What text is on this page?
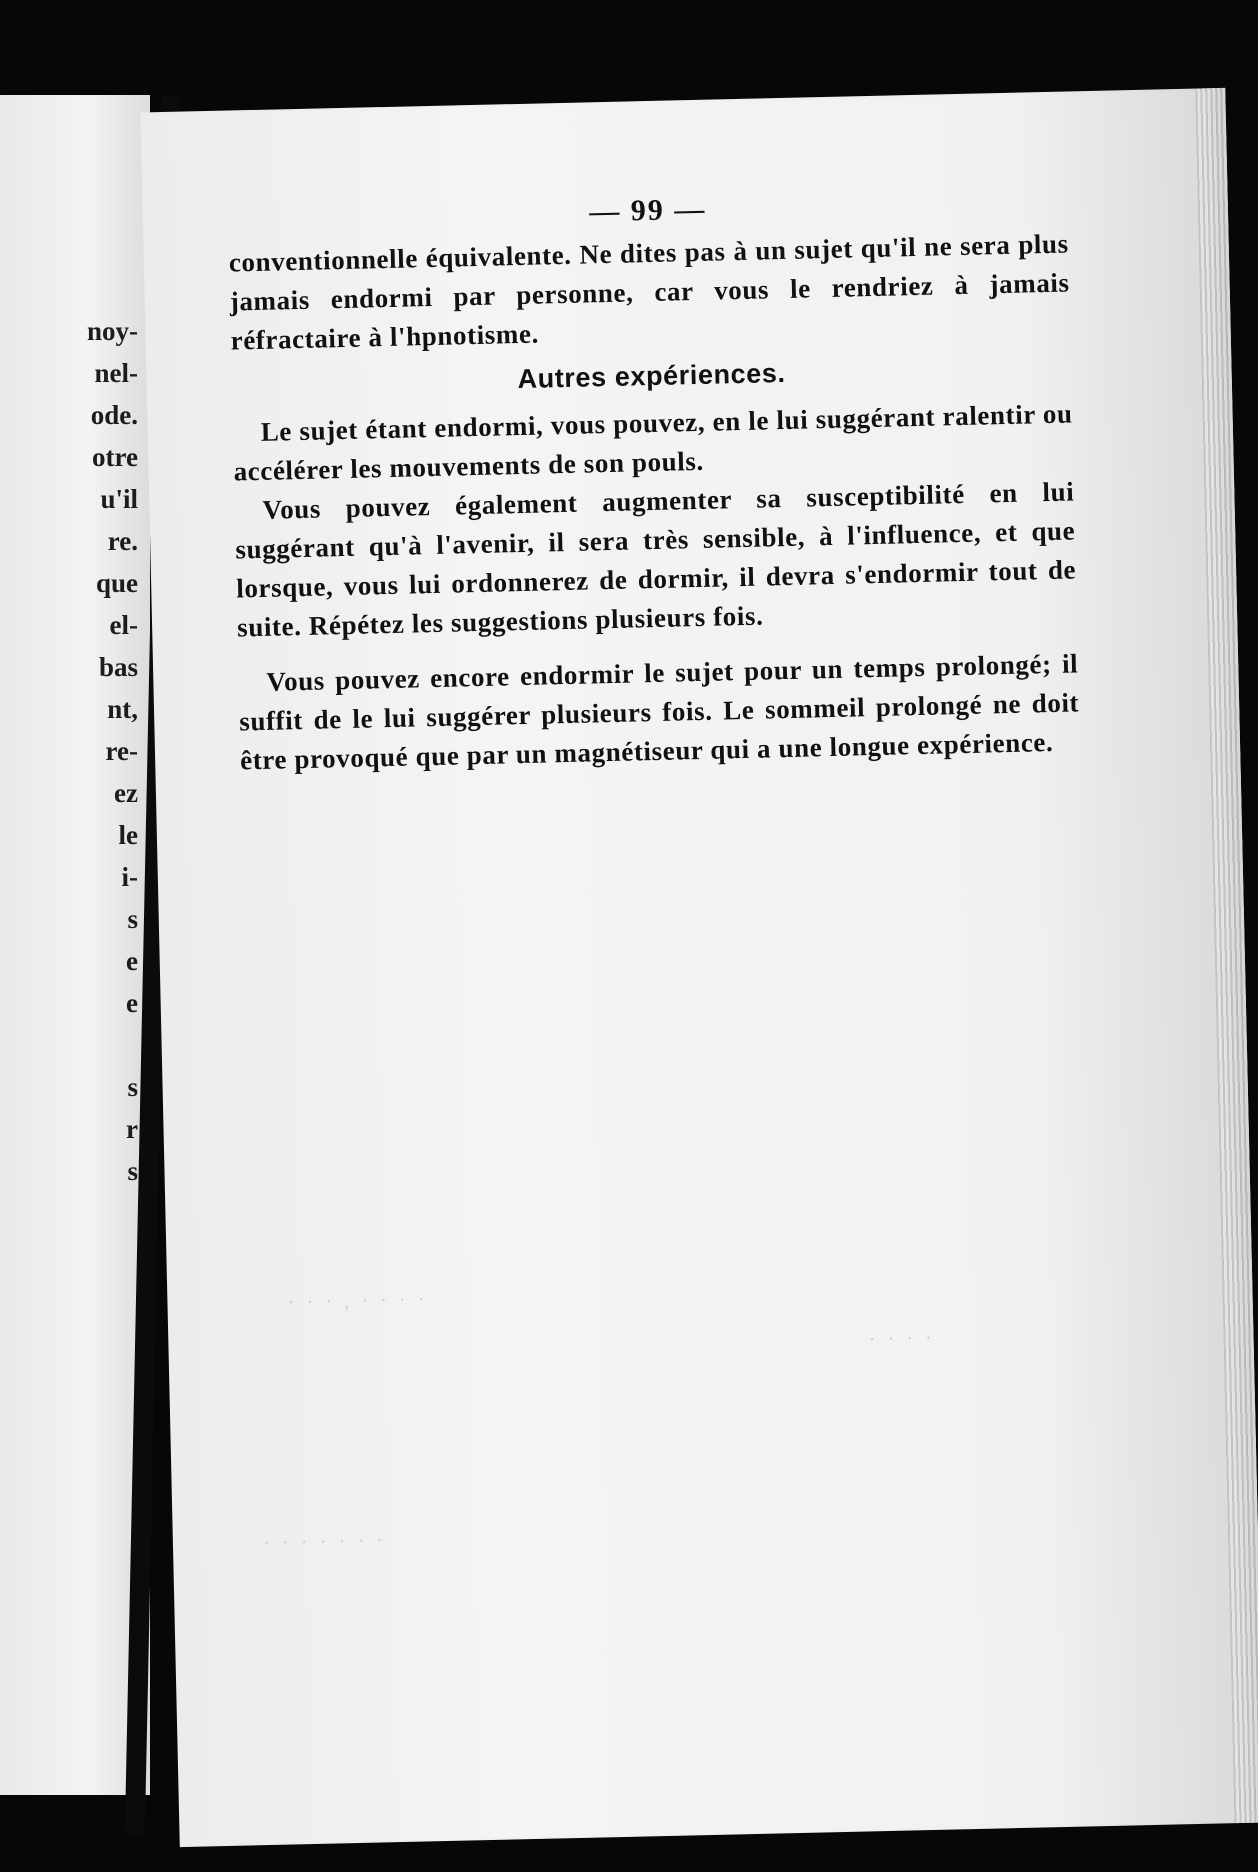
noy-
nel-
ode.
otre
u'il
re.
que
el-
bas
nt,
re-
ez
le
i-
s
e
e

s
r
s
· · · , · · · ·
· · · · · · ·
· · · ·
— 99 —

conventionnelle équivalente. Ne dites pas à un sujet qu'il ne sera plus jamais endormi par personne, car vous le rendriez à jamais réfractaire à l'hpnotisme.

Autres expériences.

Le sujet étant endormi, vous pouvez, en le lui suggérant ralentir ou accélérer les mouvements de son pouls.

Vous pouvez également augmenter sa susceptibilité en lui suggérant qu'à l'avenir, il sera très sensible, à l'influence, et que lorsque, vous lui ordonnerez de dormir, il devra s'endormir tout de suite. Répétez les suggestions plusieurs fois.

Vous pouvez encore endormir le sujet pour un temps prolongé; il suffit de le lui suggérer plusieurs fois. Le sommeil prolongé ne doit être provoqué que par un magnétiseur qui a une longue expérience.
